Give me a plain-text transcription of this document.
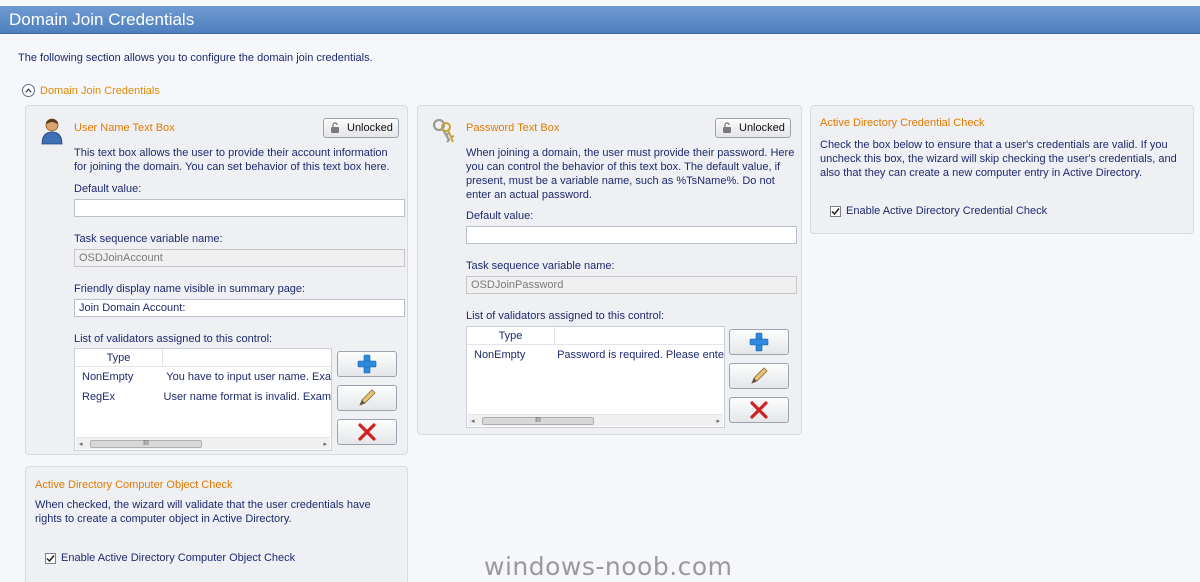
Domain Join Credentials
The following section allows you to configure the domain join credentials.
Domain Join Credentials
User Name Text Box	Unlocked
This text box allows the user to provide their account information for joining the domain. You can set behavior of this text box here.
Default value:
Task sequence variable name:
OSDJoinAccount
Friendly display name visible in summary page:
Join Domain Account:
List of validators assigned to this control:
Type
NonEmpty	You have to input user name. Exa
RegEx	User name format is invalid. Exam
◂	III	▸
Password Text Box	Unlocked
When joining a domain, the user must provide their password. Here you can control the behavior of this text box. The default value, if present, must be a variable name, such as %TsName%. Do not enter an actual password.
Default value:
Task sequence variable name:
OSDJoinPassword
List of validators assigned to this control:
Type
NonEmpty	Password is required. Please ente
◂	III	▸
Active Directory Credential Check
Check the box below to ensure that a user's credentials are valid. If you uncheck this box, the wizard will skip checking the user's credentials, and also that they can create a new computer entry in Active Directory.
Enable Active Directory Credential Check
Active Directory Computer Object Check
When checked, the wizard will validate that the user credentials have rights to create a computer object in Active Directory.
Enable Active Directory Computer Object Check	windows-noob.com
